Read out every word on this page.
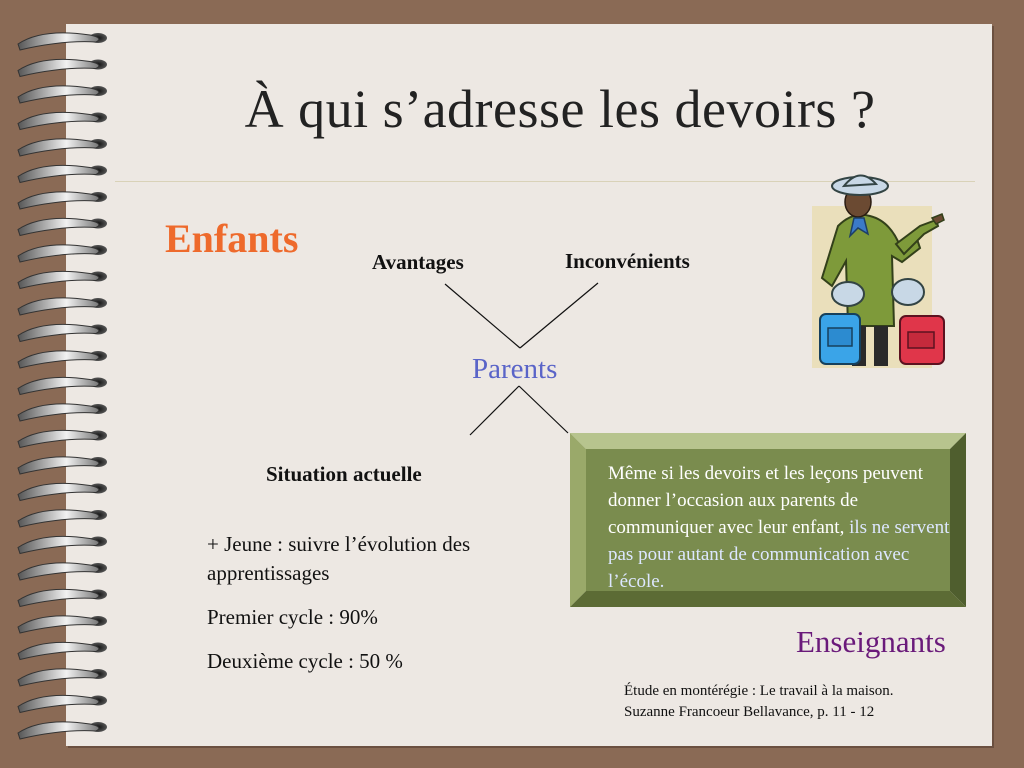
À qui s’adresse les devoirs ?
Enfants
Avantages	Inconvénients
Parents
Situation actuelle

+ Jeune : suivre l’évolution des apprentissages

Premier cycle : 90%

Deuxième cycle : 50 %

Même si les devoirs et les leçons peuvent donner l’occasion aux parents de communiquer avec leur enfant, ils ne servent pas pour autant de communication avec l’école.
Enseignants
Étude en montérégie : Le travail à la maison.
Suzanne Francoeur Bellavance, p. 11 - 12
